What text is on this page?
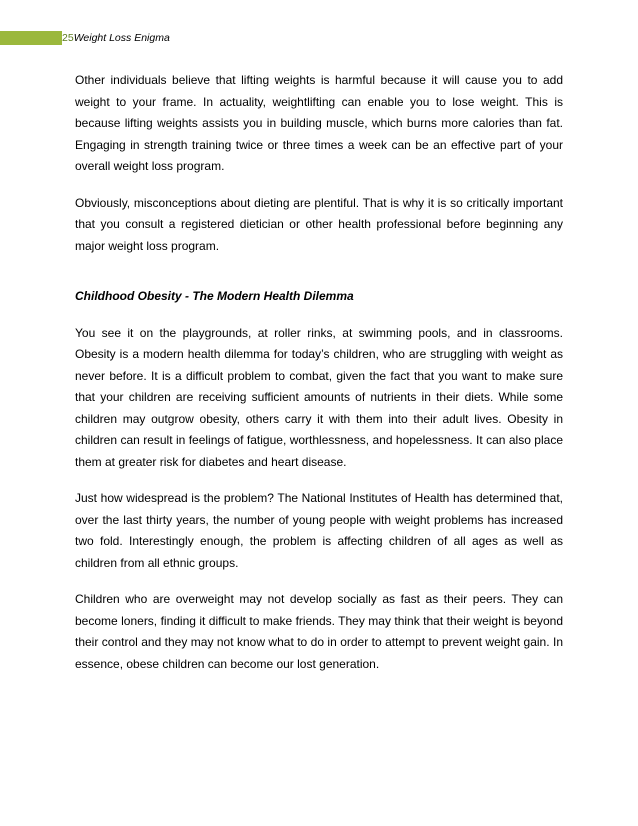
25Weight Loss Enigma

Other individuals believe that lifting weights is harmful because it will cause you to add weight to your frame. In actuality, weightlifting can enable you to lose weight. This is because lifting weights assists you in building muscle, which burns more calories than fat. Engaging in strength training twice or three times a week can be an effective part of your overall weight loss program.

Obviously, misconceptions about dieting are plentiful. That is why it is so critically important that you consult a registered dietician or other health professional before beginning any major weight loss program.

Childhood Obesity - The Modern Health Dilemma

You see it on the playgrounds, at roller rinks, at swimming pools, and in classrooms. Obesity is a modern health dilemma for today’s children, who are struggling with weight as never before. It is a difficult problem to combat, given the fact that you want to make sure that your children are receiving sufficient amounts of nutrients in their diets. While some children may outgrow obesity, others carry it with them into their adult lives. Obesity in children can result in feelings of fatigue, worthlessness, and hopelessness. It can also place them at greater risk for diabetes and heart disease.

Just how widespread is the problem? The National Institutes of Health has determined that, over the last thirty years, the number of young people with weight problems has increased two fold. Interestingly enough, the problem is affecting children of all ages as well as children from all ethnic groups.

Children who are overweight may not develop socially as fast as their peers. They can become loners, finding it difficult to make friends. They may think that their weight is beyond their control and they may not know what to do in order to attempt to prevent weight gain. In essence, obese children can become our lost generation.
